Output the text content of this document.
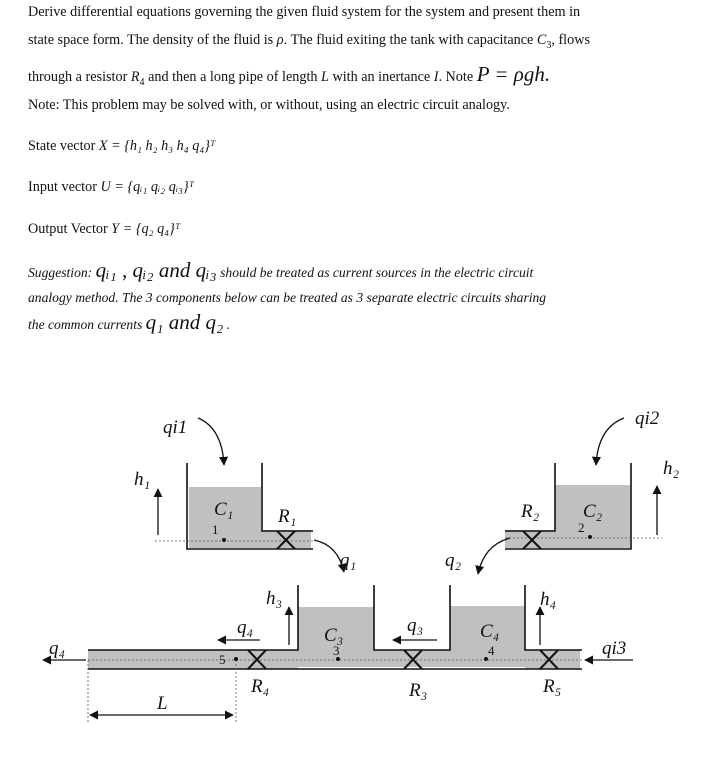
Derive differential equations governing the given fluid system for the system and present them in
state space form. The density of the fluid is ρ. The fluid exiting the tank with capacitance $C_3$, flows
through a resistor $R_4$ and then a long pipe of length L with an inertance I. Note P = ρgh.
Note: This problem may be solved with, or without, using an electric circuit analogy.
State vector X = {h₁ h₂ h₃ h₄ q₄}ᵀ
Input vector U = {qᵢ₁ qᵢ₂ qᵢ₃}ᵀ
Output Vector Y = {q₂ q₄}ᵀ
Suggestion: qᵢ₁ , qᵢ₂ and qᵢ₃ should be treated as current sources in the electric circuit
analogy method. The 3 components below can be treated as 3 separate electric circuits sharing
the common currents q₁ and q₂ .
qi1	qi2
qi3
h₁
h₂
h₃	h₄
C₁	C₂
C₃	C₄
R₁	R₂
R₃
R₄	R₅
q₁	q₂
q₃
q₄
q₄
L
1	2
3	4
5
